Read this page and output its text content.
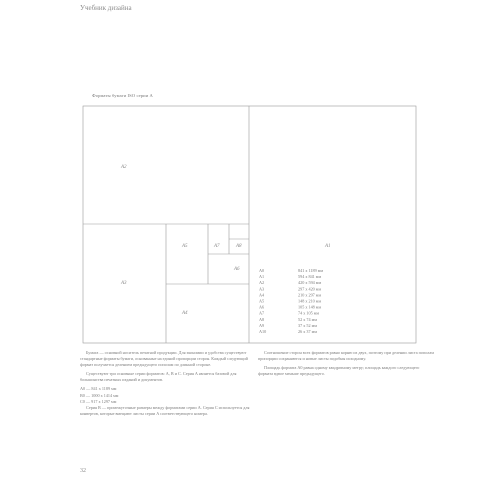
Учебник дизайна
Форматы бумаги ISO серии A
A1
A2
A3
A4
A5
A6
A7	A8
A0	841 x 1189 мм
A1	594 x 841 мм
A2	420 x 594 мм
A3	297 x 420 мм
A4	210 x 297 мм
A5	148 x 210 мм
A6	105 x 148 мм
A7	74 x 105 мм
A8	52 x 74 мм
A9	37 x 52 мм
A10	26 x 37 мм

Бумага — основной носитель печатной продукции. Для экономии и удобства существуют стандартные форматы бумаги, основанные на единой пропорции сторон. Каждый следующий формат получается делением предыдущего пополам по длинной стороне.

Существуют три основные серии форматов: A, B и C. Серия A является базовой для большинства печатных изданий и документов.

A0 — 841 x 1189 мм
B0 — 1000 x 1414 мм
C0 — 917 x 1297 мм

Серия B — промежуточные размеры между форматами серии A. Серия C используется для конвертов, которые вмещают листы серии A соответствующего номера.

Соотношение сторон всех форматов равно корню из двух, поэтому при делении листа пополам пропорции сохраняются и новые листы подобны исходному.

Площадь формата A0 равна одному квадратному метру; площадь каждого следующего формата вдвое меньше предыдущего.

32
